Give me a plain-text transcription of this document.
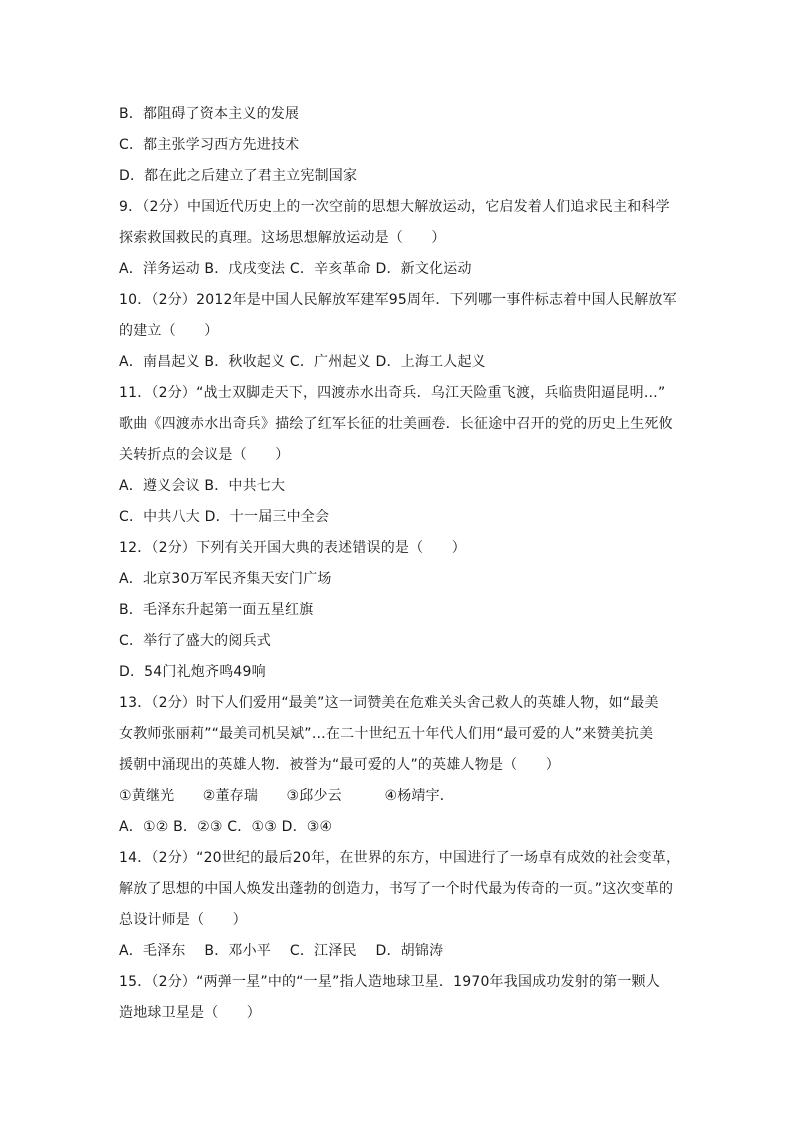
B．都阻碍了资本主义的发展
C．都主张学习西方先进技术
D．都在此之后建立了君主立宪制国家
9．（2分）中国近代历史上的一次空前的思想大解放运动，它启发着人们追求民主和科学
探索救国救民的真理。这场思想解放运动是（　　）
A．洋务运动 B．戊戌变法 C．辛亥革命 D．新文化运动
10．（2分）2012年是中国人民解放军建军95周年．下列哪一事件标志着中国人民解放军
的建立（　　）
A．南昌起义 B．秋收起义 C．广州起义 D．上海工人起义
11．（2分）“战士双脚走天下，四渡赤水出奇兵．乌江天险重飞渡，兵临贵阳逼昆明…”
歌曲《四渡赤水出奇兵》描绘了红军长征的壮美画卷．长征途中召开的党的历史上生死攸
关转折点的会议是（　　）
A．遵义会议 B．中共七大
C．中共八大 D．十一届三中全会
12．（2分）下列有关开国大典的表述错误的是（　　）
A．北京30万军民齐集天安门广场
B．毛泽东升起第一面五星红旗
C．举行了盛大的阅兵式
D．54门礼炮齐鸣49响
13．（2分）时下人们爱用“最美”这一词赞美在危难关头舍己救人的英雄人物，如“最美
女教师张丽莉”“最美司机吴斌”…在二十世纪五十年代人们用“最可爱的人”来赞美抗美
援朝中涌现出的英雄人物．被誉为“最可爱的人”的英雄人物是（　　）
①黄继光　　②董存瑞　　③邱少云　　　④杨靖宇．
A．①② B．②③ C．①③ D．③④
14．（2分）“20世纪的最后20年，在世界的东方，中国进行了一场卓有成效的社会变革，
解放了思想的中国人焕发出蓬勃的创造力，书写了一个时代最为传奇的一页。”这次变革的
总设计师是（　　）
A．毛泽东　 B．邓小平　 C．江泽民　 D．胡锦涛
15．（2分）“两弹一星”中的“一星”指人造地球卫星．1970年我国成功发射的第一颗人
造地球卫星是（　　）
